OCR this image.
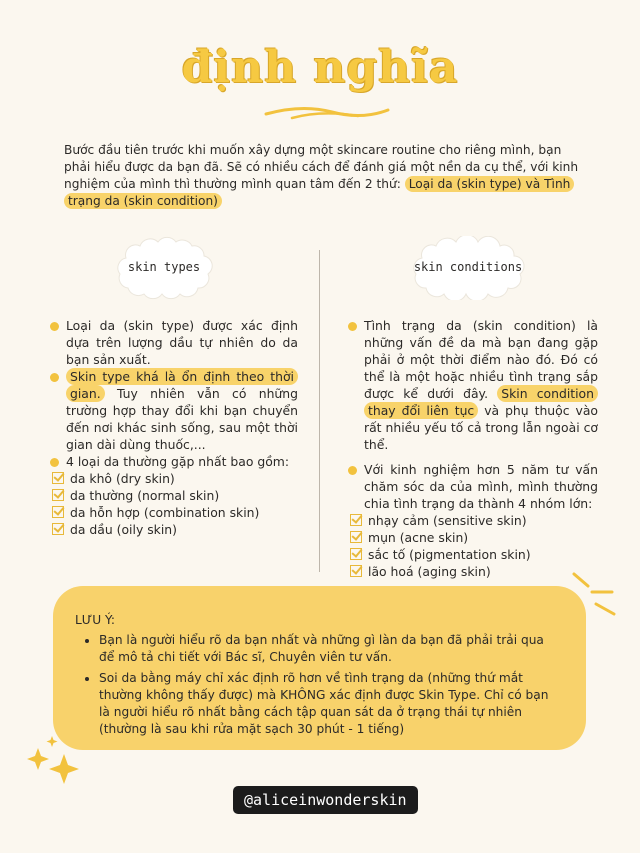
định nghĩa
Bước đầu tiên trước khi muốn xây dựng một skincare routine cho riêng mình, bạn phải hiểu được da bạn đã. Sẽ có nhiều cách để đánh giá một nền da cụ thể, với kinh nghiệm của mình thì thường mình quan tâm đến 2 thứ: Loại da (skin type) và Tình trạng da (skin condition)
skin types	skin conditions
Loại da (skin type) được xác định dựa trên lượng dầu tự nhiên do da bạn sản xuất.
Skin type khá là ổn định theo thời gian. Tuy nhiên vẫn có những trường hợp thay đổi khi bạn chuyển đến nơi khác sinh sống, sau một thời gian dài dùng thuốc,...
4 loại da thường gặp nhất bao gồm:
da khô (dry skin)
da thường (normal skin)
da hỗn hợp (combination skin)
da dầu (oily skin)
Tình trạng da (skin condition) là những vấn đề da mà bạn đang gặp phải ở một thời điểm nào đó. Đó có thể là một hoặc nhiều tình trạng sắp được kể dưới đây. Skin condition thay đổi liên tục và phụ thuộc vào rất nhiều yếu tố cả trong lẫn ngoài cơ thể.
Với kinh nghiệm hơn 5 năm tư vấn chăm sóc da của mình, mình thường chia tình trạng da thành 4 nhóm lớn:
nhạy cảm (sensitive skin)
mụn (acne skin)
sắc tố (pigmentation skin)
lão hoá (aging skin)
LƯU Ý:
• Bạn là người hiểu rõ da bạn nhất và những gì làn da bạn đã phải trải qua để mô tả chi tiết với Bác sĩ, Chuyên viên tư vấn.
• Soi da bằng máy chỉ xác định rõ hơn về tình trạng da (những thứ mắt thường không thấy được) mà KHÔNG xác định được Skin Type. Chỉ có bạn là người hiểu rõ nhất bằng cách tập quan sát da ở trạng thái tự nhiên (thường là sau khi rửa mặt sạch 30 phút - 1 tiếng)
@aliceinwonderskin
